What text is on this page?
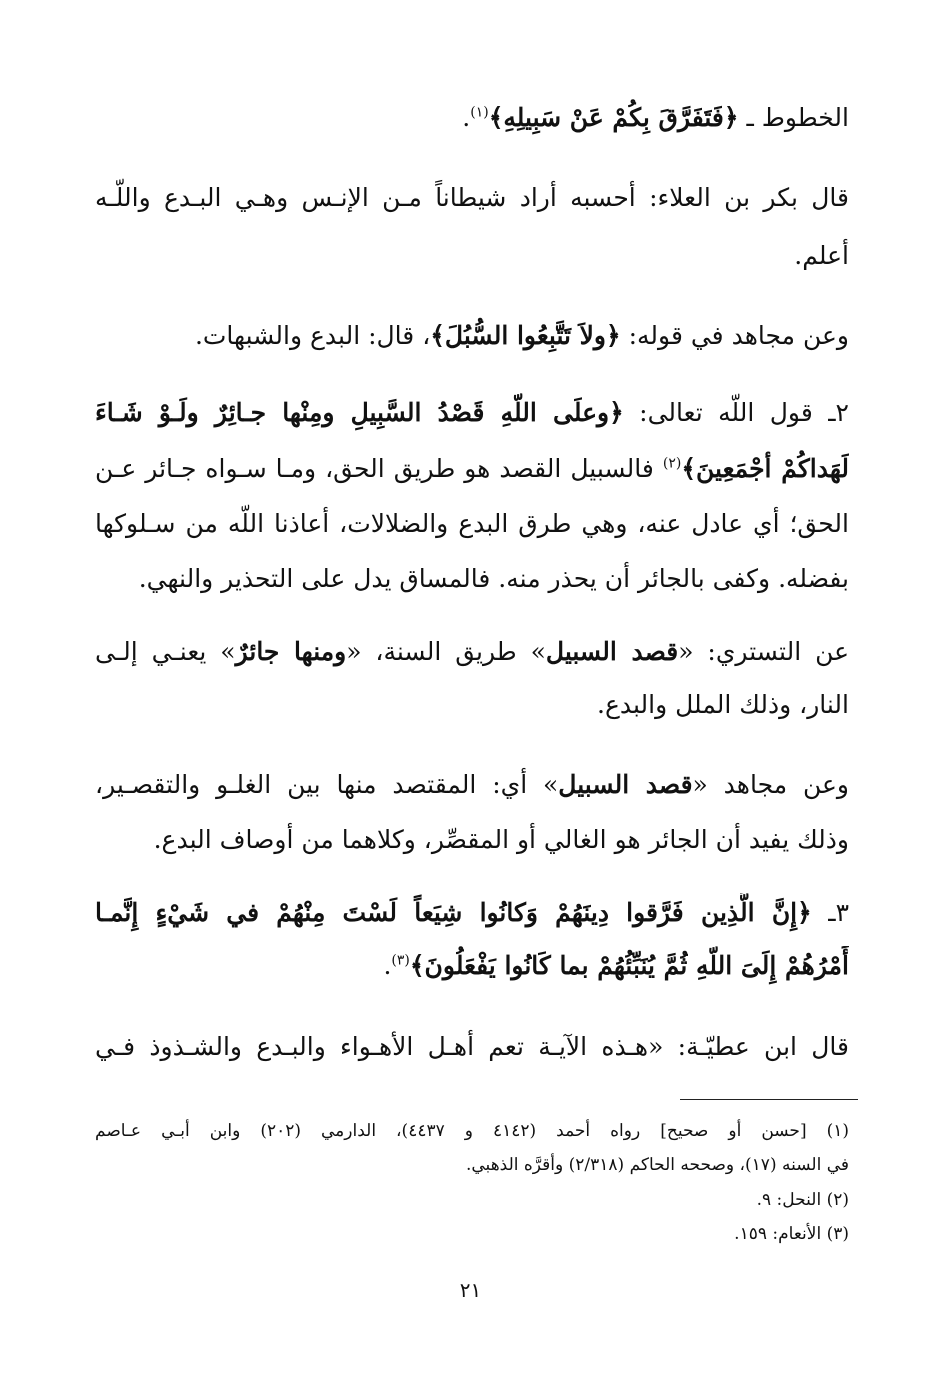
الخطوط ـ ﴿فَتَفَرَّقَ بِكُمْ عَنْ سَبِيلِهِ﴾$^{(١)}$.
قال بكر بن العلاء: أحسبه أراد شيطاناً مـن الإنـس وهـي البـدع واللّـه
أعلم.
وعن مجاهد في قوله: ﴿ولاَ تَتَّبِعُوا السُّبُلَ﴾، قال: البدع والشبهات.
٢ـ قول اللّه تعالى: ﴿وعلَى اللّهِ قَصْدُ السَّبِيلِ ومِنْها جـائِرٌ ولَـوْ شَـاءَ
لَهَداكُمْ أجْمَعِينَ﴾$^{(٢)}$ فالسبيل القصد هو طريق الحق، ومـا سـواه جـائر عـن
الحق؛ أي عادل عنه، وهي طرق البدع والضلالات، أعاذنا اللّه من سـلوكها
بفضله. وكفى بالجائر أن يحذر منه. فالمساق يدل على التحذير والنهي.
عن التستري: «قصد السبيل» طريق السنة، «ومنها جائرٌ» يعنـي إلـى
النار، وذلك الملل والبدع.
وعن مجاهد «قصد السبيل» أي: المقتصد منها بين الغلـو والتقصـير،
وذلك يفيد أن الجائر هو الغالي أو المقصِّر، وكلاهما من أوصاف البدع.
٣ـ ﴿إِنَّ الَّذِين فَرَّقوا دِينَهُمْ وَكانُوا شِيَعاً لَسْتَ مِنْهُمْ في شَيْءٍ إِنَّمـا
أَمْرُهُمْ إِلَىَ اللّهِ ثُمَّ يُنَبِّئُهُمْ بما كَانُوا يَفْعَلُونَ﴾$^{(٣)}$.
قال ابن عطيّـة: «هـذه الآيـة تعم أهـل الأهـواء والبـدع والشـذوذ فـي
(١) [حسن أو صحيح] رواه أحمد (٤١٤٢ و ٤٤٣٧)، الدارمي (٢٠٢) وابن أبـي عـاصم
في السنه (١٧)، وصححه الحاكم (٢/٣١٨) وأقرَّه الذهبي.
(٢) النحل: ٩.
(٣) الأنعام: ١٥٩.
٢١
